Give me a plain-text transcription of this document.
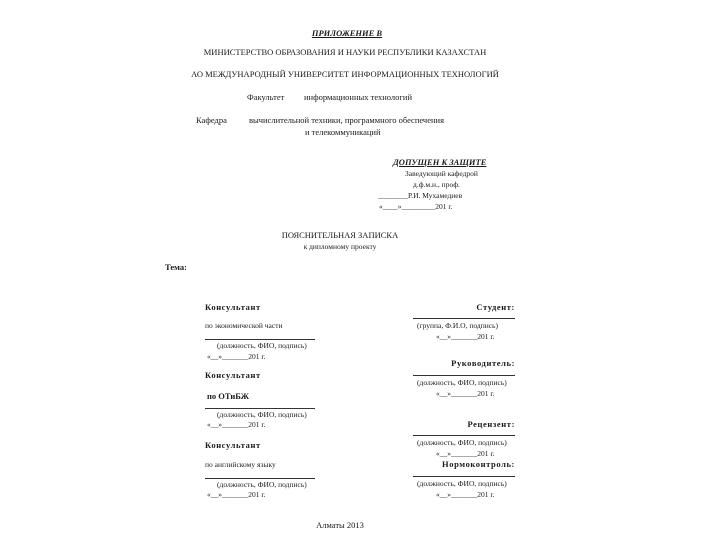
ПРИЛОЖЕНИЕ В
МИНИСТЕРСТВО ОБРАЗОВАНИЯ И НАУКИ РЕСПУБЛИКИ КАЗАХСТАН
АО МЕЖДУНАРОДНЫЙ УНИВЕРСИТЕТ ИНФОРМАЦИОННЫХ ТЕХНОЛОГИЙ
Факультет информационных технологий
Кафедра	вычислительной техники, программного обеспечения
и телекоммуникаций
ДОПУЩЕН К ЗАЩИТЕ
Заведующий кафедрой
д.ф.м.н., проф.
________Р.И. Мухамедиев
«____»_________201 г.
ПОЯСНИТЕЛЬНАЯ ЗАПИСКА
к дипломному проекту
Тема:
Консультант
по экономической части
(должность, ФИО, подпись)
«__»_______201 г.
Консультант
по ОТиБЖ
(должность, ФИО, подпись)
«__»_______201 г.
Консультант
по английскому языку
(должность, ФИО, подпись)
«__»_______201 г.
Студент:
(группа, Ф.И.О, подпись)
«__»_______201 г.
Руководитель:
(должность, ФИО, подпись)
«__»_______201 г.
Рецензент:
(должность, ФИО, подпись)
«__»_______201 г.
Нормоконтроль:
(должность, ФИО, подпись)
«__»_______201 г.
Алматы 2013
